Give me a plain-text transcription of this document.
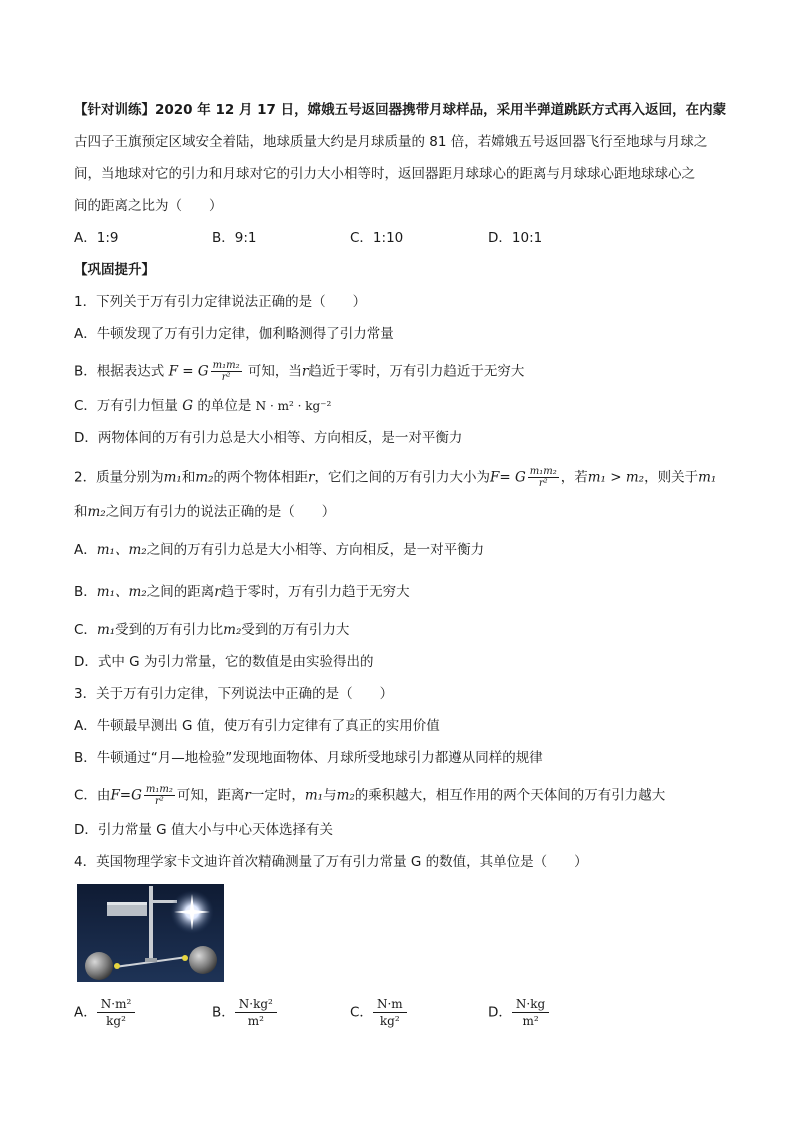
【针对训练】2020 年 12 月 17 日，嫦娥五号返回器携带月球样品，采用半弹道跳跃方式再入返回，在内蒙
古四子王旗预定区域安全着陆，地球质量大约是月球质量的 81 倍，若嫦娥五号返回器飞行至地球与月球之
间，当地球对它的引力和月球对它的引力大小相等时，返回器距月球球心的距离与月球球心距地球球心之
间的距离之比为（　　）
A．1:9	B．9:1	C．1:10	D．10:1
【巩固提升】
1．下列关于万有引力定律说法正确的是（　　）
A．牛顿发现了万有引力定律，伽利略测得了引力常量
B．根据表达式 F = G $\frac{\text{m₁m₂}}{\text{r²}}$ 可知，当r趋近于零时，万有引力趋近于无穷大
C．万有引力恒量 G 的单位是 N · m² · kg⁻²
D．两物体间的万有引力总是大小相等、方向相反，是一对平衡力
2．质量分别为m₁和m₂的两个物体相距r，它们之间的万有引力大小为F= G $\frac{\text{m₁m₂}}{\text{r²}}$ ，若m₁ > m₂，则关于m₁
和m₂之间万有引力的说法正确的是（　　）
A．m₁、m₂之间的万有引力总是大小相等、方向相反，是一对平衡力
B．m₁、m₂之间的距离r趋于零时，万有引力趋于无穷大
C．m₁受到的万有引力比m₂受到的万有引力大
D．式中 G 为引力常量，它的数值是由实验得出的
3．关于万有引力定律，下列说法中正确的是（　　）
A．牛顿最早测出 G 值，使万有引力定律有了真正的实用价值
B．牛顿通过“月—地检验”发现地面物体、月球所受地球引力都遵从同样的规律
C．由$F=G \frac{\text{m₁m₂}}{\text{r²}}$ 可知，距离r一定时，m₁与m₂的乘积越大，相互作用的两个天体间的万有引力越大
D．引力常量 G 值大小与中心天体选择有关
4．英国物理学家卡文迪许首次精确测量了万有引力常量 G 的数值，其单位是（　　）
A． $\frac{\text{N·m²}}{\text{kg²}}$	B． $\frac{\text{N·kg²}}{\text{m²}}$	C． $\frac{N\cdot m}{\text{kg²}}$	D． $\frac{N\cdot kg}{\text{m²}}$
